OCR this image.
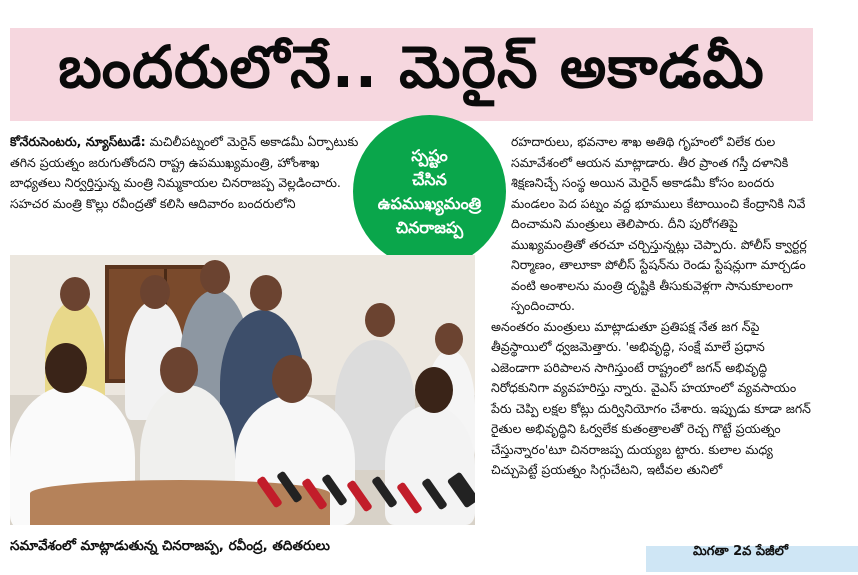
బందరులోనే.. మెరైన్ అకాడమీ

కోనేరుసెంటరు, న్యూస్‌టుడే: మచిలీపట్నంలో మెరైన్ అకాడమీ ఏర్పాటుకు తగిన ప్రయత్నం జరుగుతోందని రాష్ట్ర ఉపముఖ్యమంత్రి, హోంశాఖ బాధ్యతలు నిర్వర్తిస్తున్న మంత్రి నిమ్మకాయల చినరాజప్ప వెల్లడించారు. సహచర మంత్రి కొల్లు రవీంద్రతో కలిసి ఆదివారం బందరులోని

స్పష్టం
చేసిన
ఉపముఖ్యమంత్రి
చినరాజప్ప

రహదారులు, భవనాల శాఖ అతిథి గృహంలో విలేక రుల సమావేశంలో ఆయన మాట్లాడారు. తీర ప్రాంత గస్తీ దళానికి శిక్షణనిచ్చే సంస్థ అయిన మెరైన్ అకాడమీ కోసం బందరు మండలం పెద పట్నం వద్ద భూములు కేటాయించి కేంద్రానికి నివే దించామని మంత్రులు తెలిపారు. దీని పురోగతిపై ముఖ్యమంత్రితో తరచూ చర్చిస్తున్నట్లు చెప్పారు. పోలీస్ క్వార్టర్ల నిర్మాణం, తాలూకా పోలీస్ స్టేషన్‌ను రెండు స్టేషన్లుగా మార్చడం వంటి అంశాలను మంత్రి దృష్టికి తీసుకువెళ్లగా సానుకూలంగా స్పందించారు.

అనంతరం మంత్రులు మాట్లాడుతూ ప్రతిపక్ష నేత జగ న్‌పై తీవ్రస్థాయిలో ధ్వజమెత్తారు. 'అభివృద్ధి, సంక్షే మాలే ప్రధాన ఎజెండాగా పరిపాలన సాగిస్తుంటే రాష్ట్రంలో జగన్ అభివృద్ధి నిరోధకునిగా వ్యవహరిస్తు న్నారు. వైఎస్ హయాంలో వ్యవసాయం పేరు చెప్పి లక్షల కోట్లు దుర్వినియోగం చేశారు. ఇప్పుడు కూడా జగన్ రైతుల అభివృద్ధిని ఓర్వలేక కుతంత్రాలతో రెచ్చ గొట్టే ప్రయత్నం చేస్తున్నారం'టూ చినరాజప్ప దుయ్యబ ట్టారు. కులాల మధ్య చిచ్చుపెట్టే ప్రయత్నం సిగ్గుచేటని, ఇటీవల తునిలో

సమావేశంలో మాట్లాడుతున్న చినరాజప్ప, రవీంద్ర, తదితరులు	మిగతా 2వ పేజీలో
